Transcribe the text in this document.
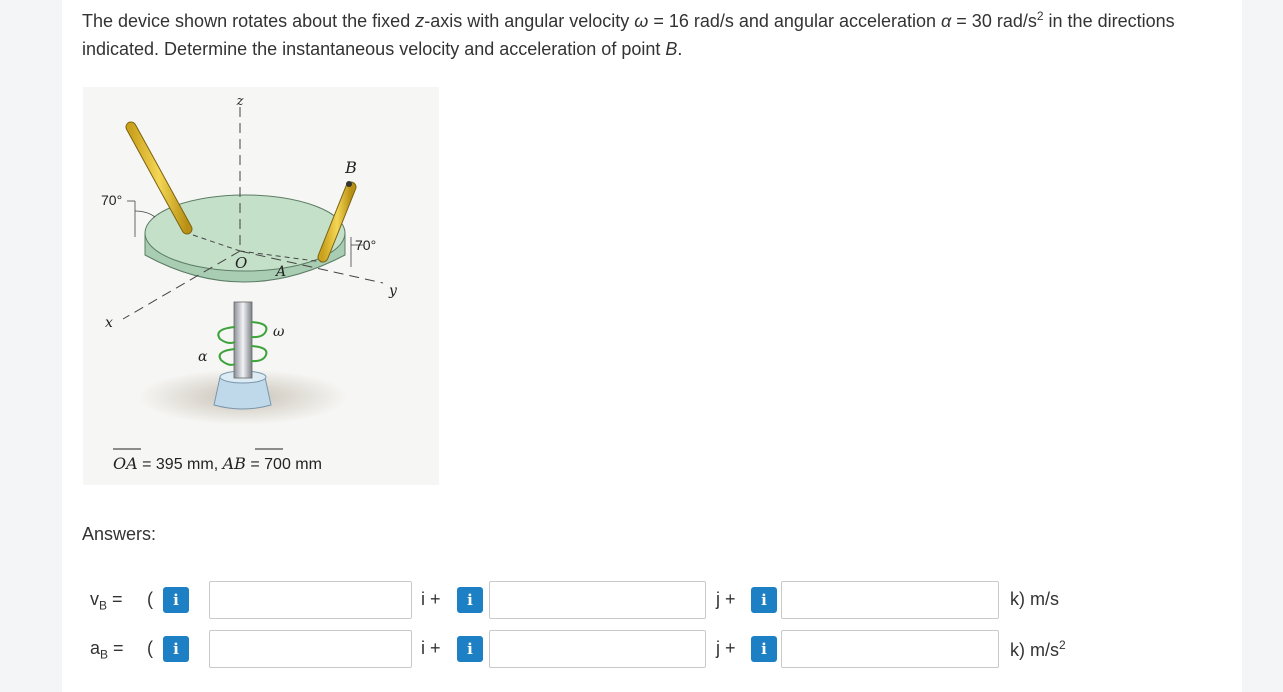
The device shown rotates about the fixed z-axis with angular velocity ω = 16 rad/s and angular acceleration α = 30 rad/$s^2$ in the directions indicated. Determine the instantaneous velocity and acceleration of point B.
z
B
70°
70°
O A
y
x
ω
α
OA = 395 mm, AB = 700 mm
Answers:
$v_B$ = (	i	i +	i	j +	i	k) m/s
$a_B$ = (	i	i +	i	j +	i	k) $m/s^2$
